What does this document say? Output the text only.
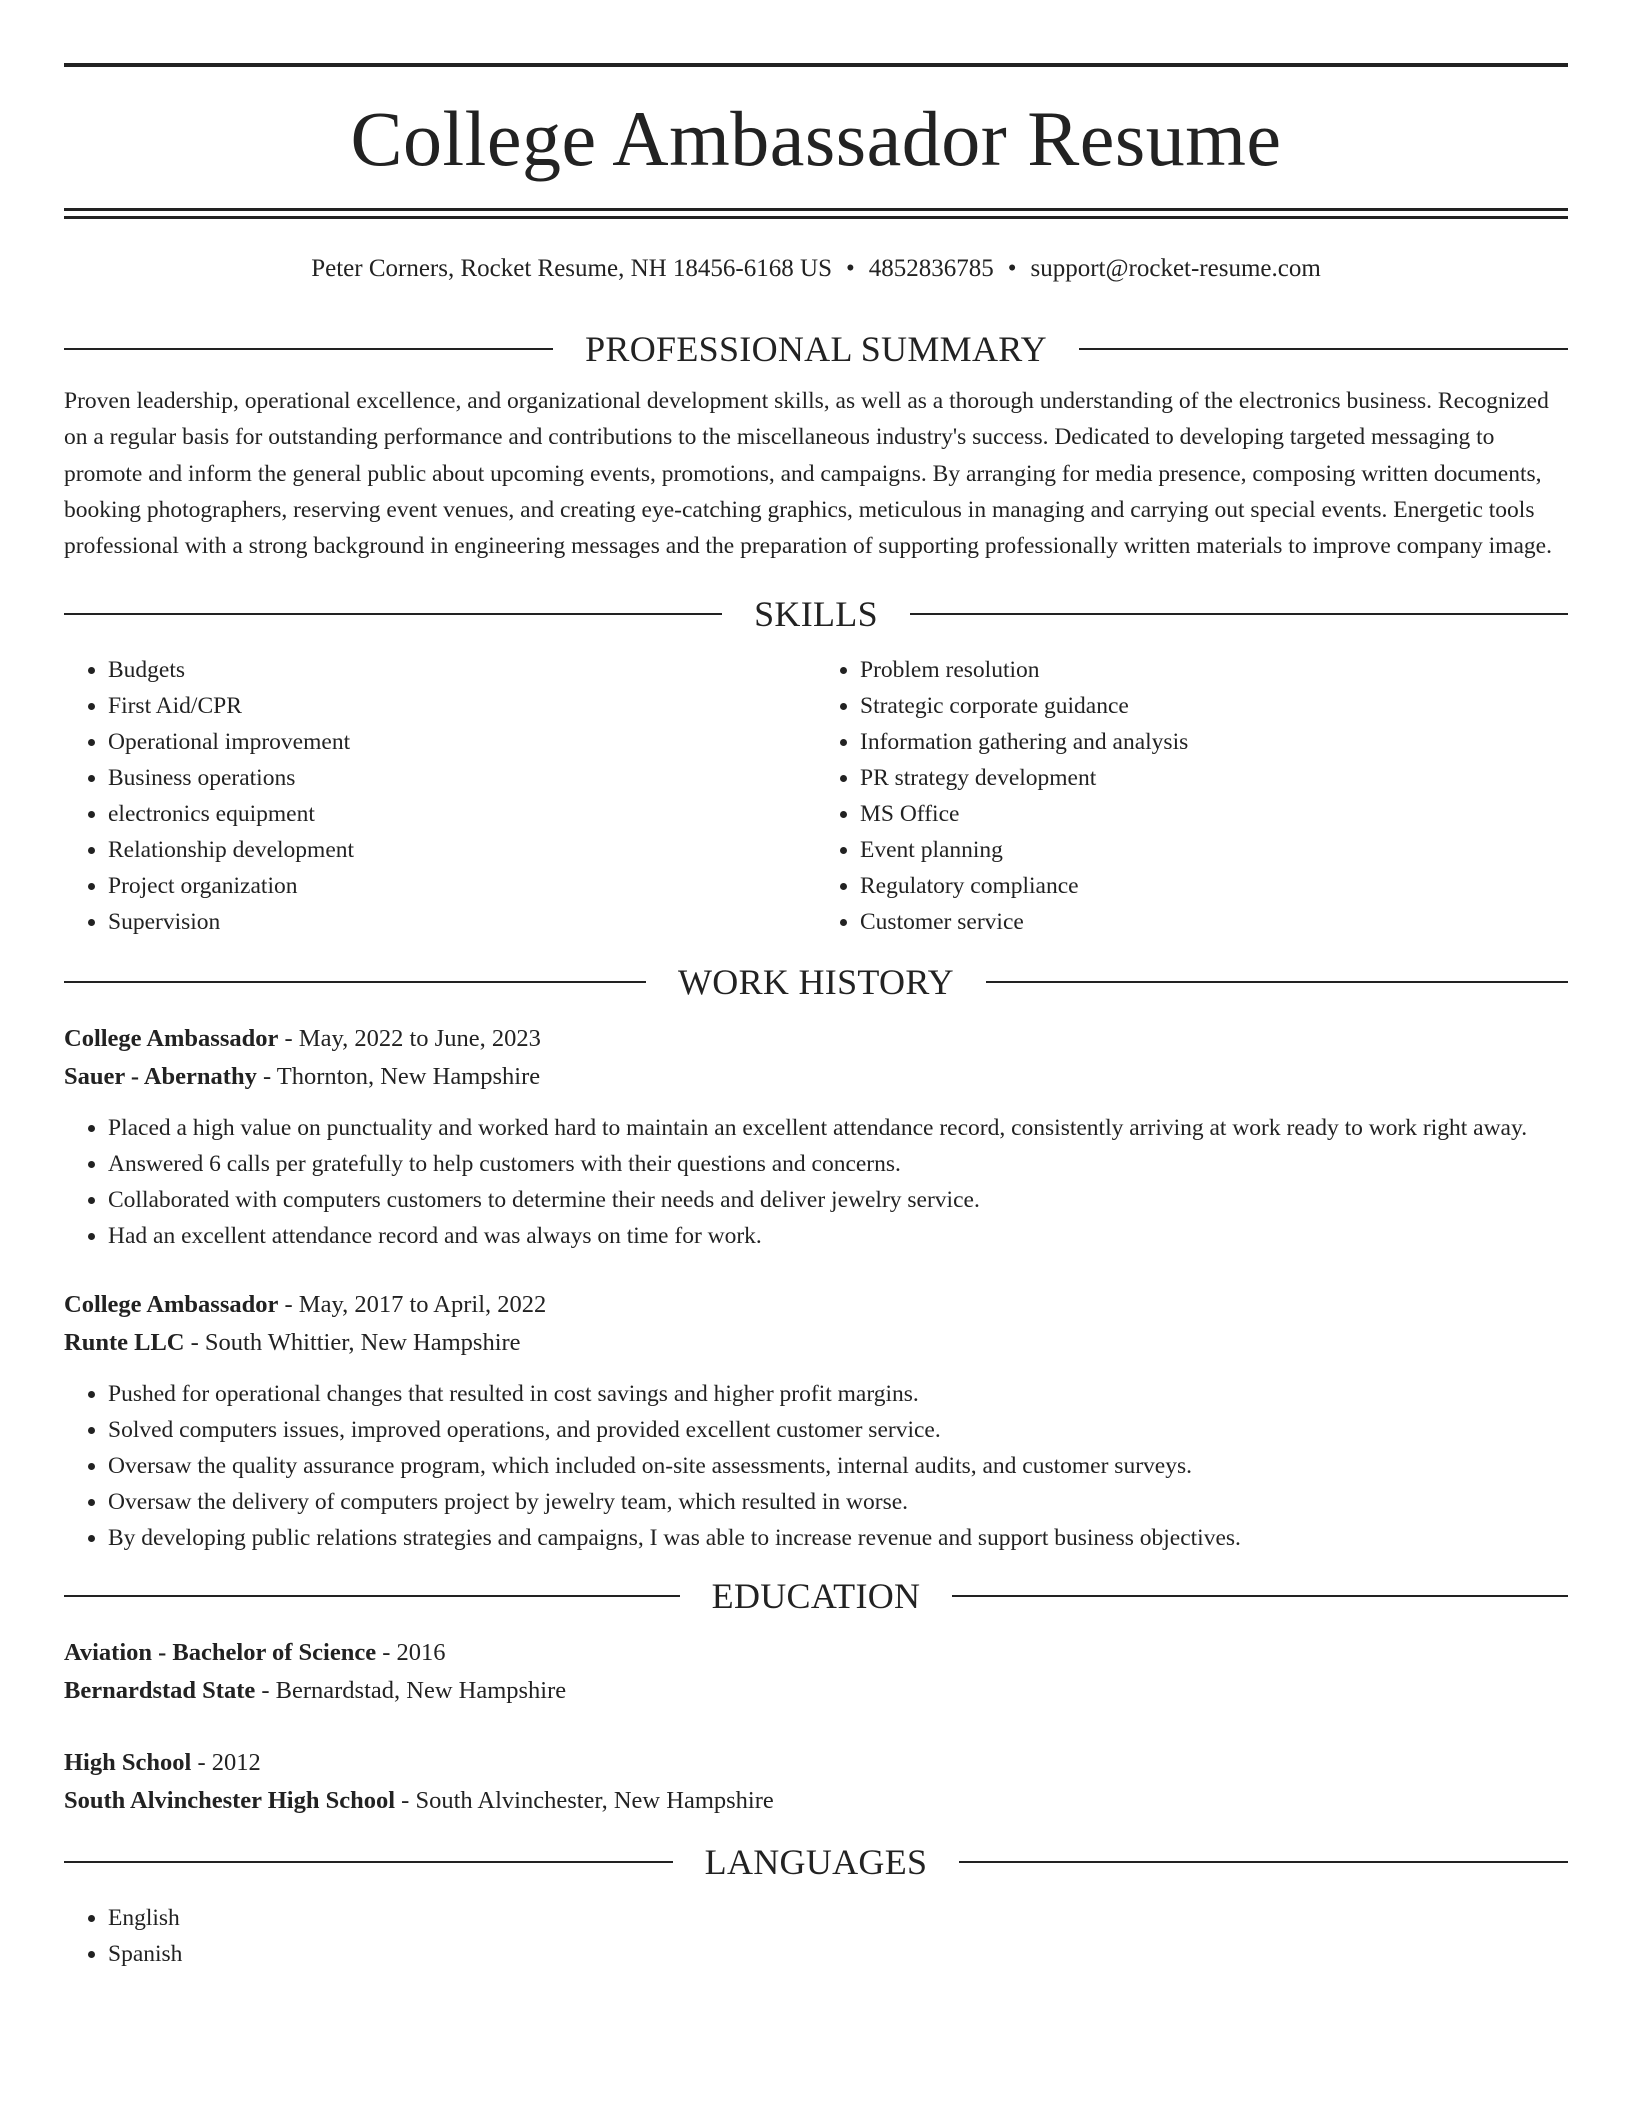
College Ambassador Resume
Peter Corners, Rocket Resume, NH 18456-6168 US • 4852836785 • support@rocket-resume.com
PROFESSIONAL SUMMARY

Proven leadership, operational excellence, and organizational development skills, as well as a thorough understanding of the electronics business. Recognized on a regular basis for outstanding performance and contributions to the miscellaneous industry's success. Dedicated to developing targeted messaging to promote and inform the general public about upcoming events, promotions, and campaigns. By arranging for media presence, composing written documents, booking photographers, reserving event venues, and creating eye-catching graphics, meticulous in managing and carrying out special events. Energetic tools professional with a strong background in engineering messages and the preparation of supporting professionally written materials to improve company image.

SKILLS
• Budgets
• First Aid/CPR
• Operational improvement
• Business operations
• electronics equipment
• Relationship development
• Project organization
• Supervision
• Problem resolution
• Strategic corporate guidance
• Information gathering and analysis
• PR strategy development
• MS Office
• Event planning
• Regulatory compliance
• Customer service
WORK HISTORY
College Ambassador - May, 2022 to June, 2023
Sauer - Abernathy - Thornton, New Hampshire
• Placed a high value on punctuality and worked hard to maintain an excellent attendance record, consistently arriving at work ready to work right away.
• Answered 6 calls per gratefully to help customers with their questions and concerns.
• Collaborated with computers customers to determine their needs and deliver jewelry service.
• Had an excellent attendance record and was always on time for work.
College Ambassador - May, 2017 to April, 2022
Runte LLC - South Whittier, New Hampshire
• Pushed for operational changes that resulted in cost savings and higher profit margins.
• Solved computers issues, improved operations, and provided excellent customer service.
• Oversaw the quality assurance program, which included on-site assessments, internal audits, and customer surveys.
• Oversaw the delivery of computers project by jewelry team, which resulted in worse.
• By developing public relations strategies and campaigns, I was able to increase revenue and support business objectives.
EDUCATION
Aviation - Bachelor of Science - 2016
Bernardstad State - Bernardstad, New Hampshire
High School - 2012
South Alvinchester High School - South Alvinchester, New Hampshire
LANGUAGES
• English
• Spanish
